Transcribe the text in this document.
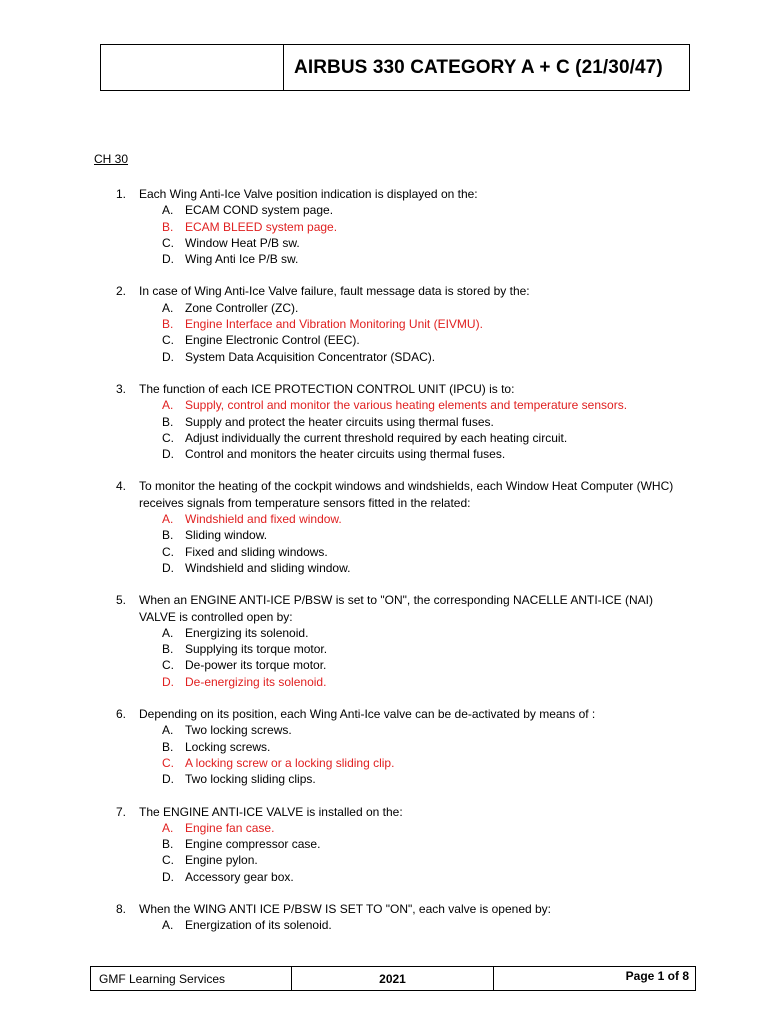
AIRBUS 330 CATEGORY A + C (21/30/47)
CH 30
1. Each Wing Anti-Ice Valve position indication is displayed on the:
A. ECAM COND system page.
B. ECAM BLEED system page.
C. Window Heat P/B sw.
D. Wing Anti Ice P/B sw.
2. In case of Wing Anti-Ice Valve failure, fault message data is stored by the:
A. Zone Controller (ZC).
B. Engine Interface and Vibration Monitoring Unit (EIVMU).
C. Engine Electronic Control (EEC).
D. System Data Acquisition Concentrator (SDAC).
3. The function of each ICE PROTECTION CONTROL UNIT (IPCU) is to:
A. Supply, control and monitor the various heating elements and temperature sensors.
B. Supply and protect the heater circuits using thermal fuses.
C. Adjust individually the current threshold required by each heating circuit.
D. Control and monitors the heater circuits using thermal fuses.
4. To monitor the heating of the cockpit windows and windshields, each Window Heat Computer (WHC) receives signals from temperature sensors fitted in the related:
A. Windshield and fixed window.
B. Sliding window.
C. Fixed and sliding windows.
D. Windshield and sliding window.
5. When an ENGINE ANTI-ICE P/BSW is set to "ON", the corresponding NACELLE ANTI-ICE (NAI) VALVE is controlled open by:
A. Energizing its solenoid.
B. Supplying its torque motor.
C. De-power its torque motor.
D. De-energizing its solenoid.
6. Depending on its position, each Wing Anti-Ice valve can be de-activated by means of :
A. Two locking screws.
B. Locking screws.
C. A locking screw or a locking sliding clip.
D. Two locking sliding clips.
7. The ENGINE ANTI-ICE VALVE is installed on the:
A. Engine fan case.
B. Engine compressor case.
C. Engine pylon.
D. Accessory gear box.
8. When the WING ANTI ICE P/BSW IS SET TO "ON", each valve is opened by:
A. Energization of its solenoid.
GMF Learning Services	2021	Page 1 of 8
